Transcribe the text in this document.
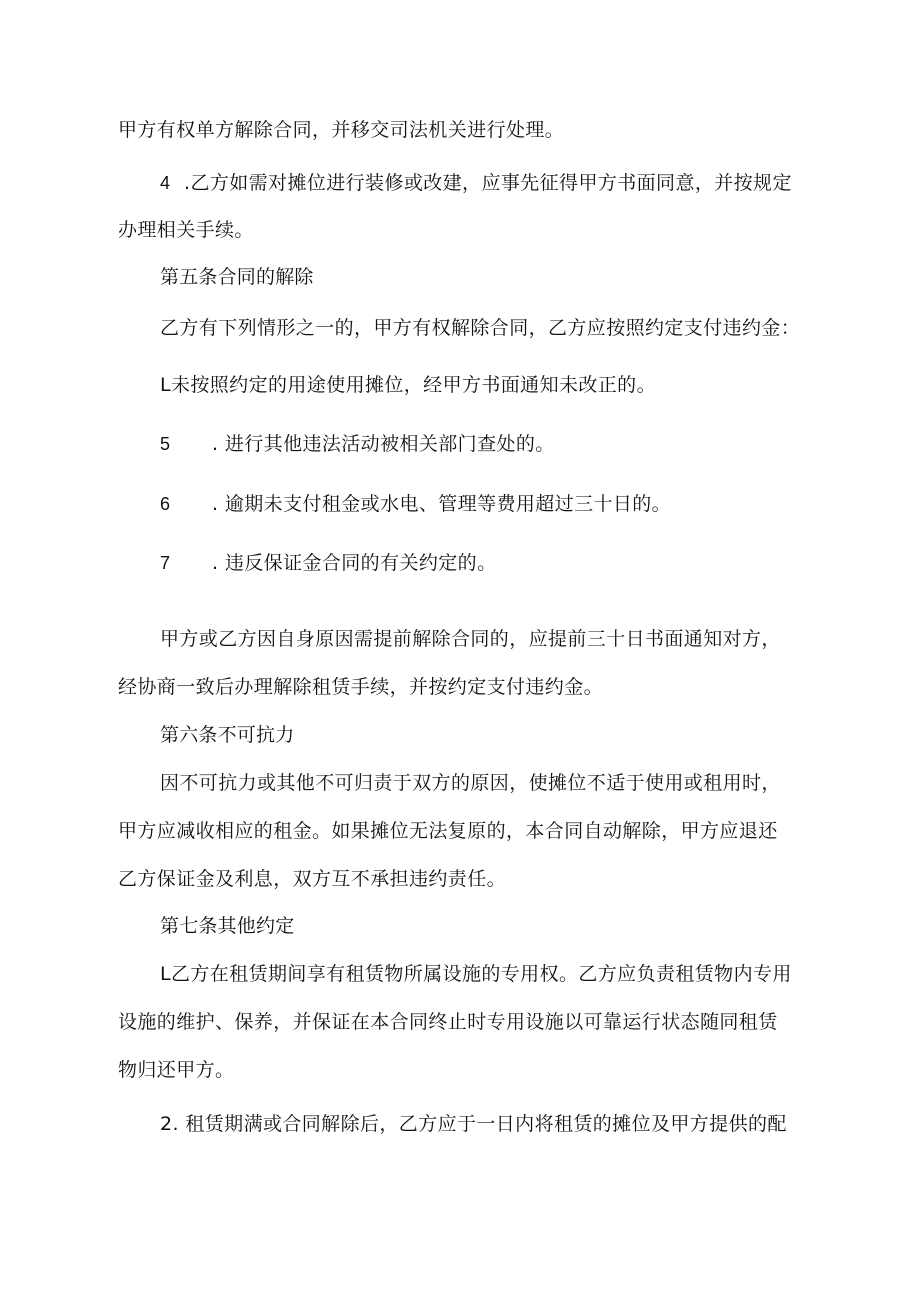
甲方有权单方解除合同，并移交司法机关进行处理。

4 .乙方如需对摊位进行装修或改建，应事先征得甲方书面同意，并按规定

办理相关手续。

第五条合同的解除

乙方有下列情形之一的，甲方有权解除合同，乙方应按照约定支付违约金：

L未按照约定的用途使用摊位，经甲方书面通知未改正的。

5 . 进行其他违法活动被相关部门查处的。

6 . 逾期未支付租金或水电、管理等费用超过三十日的。

7 . 违反保证金合同的有关约定的。

甲方或乙方因自身原因需提前解除合同的，应提前三十日书面通知对方，

经协商一致后办理解除租赁手续，并按约定支付违约金。

第六条不可抗力

因不可抗力或其他不可归责于双方的原因，使摊位不适于使用或租用时，

甲方应减收相应的租金。如果摊位无法复原的，本合同自动解除，甲方应退还

乙方保证金及利息，双方互不承担违约责任。

第七条其他约定

L乙方在租赁期间享有租赁物所属设施的专用权。乙方应负责租赁物内专用

设施的维护、保养，并保证在本合同终止时专用设施以可靠运行状态随同租赁

物归还甲方。

2. 租赁期满或合同解除后，乙方应于一日内将租赁的摊位及甲方提供的配
